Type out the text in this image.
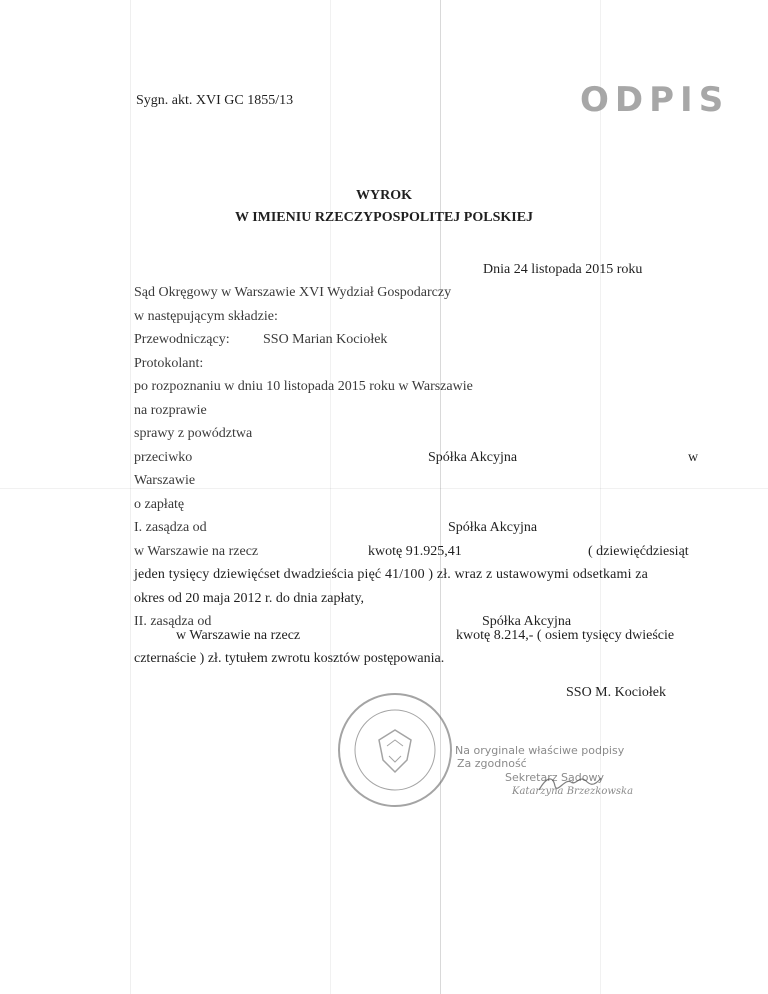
Sygn. akt. XVI GC 1855/13	ODPIS
WYROK
W IMIENIU RZECZYPOSPOLITEJ POLSKIEJ
Dnia 24 listopada 2015 roku
Sąd Okręgowy w Warszawie XVI Wydział Gospodarczy
w następującym składzie:
Przewodniczący: SSO Marian Kociołek
Protokolant:
po rozpoznaniu w dniu 10 listopada 2015 roku w Warszawie
na rozprawie
sprawy z powództwa
przeciwko	Spółka Akcyjna	w
Warszawie
o zapłatę
I. zasądza od	Spółka Akcyjna
w Warszawie na rzecz	kwotę 91.925,41	( dziewięćdziesiąt
jeden tysięcy dziewięćset dwadzieścia pięć 41/100 ) zł. wraz z ustawowymi odsetkami za
okres od 20 maja 2012 r. do dnia zapłaty,
II. zasądza od	Spółka Akcyjna
w Warszawie na rzecz	kwotę 8.214,- ( osiem tysięcy dwieście
czternaście ) zł. tytułem zwrotu kosztów postępowania.
SSO M. Kociołek
Na oryginale właściwe podpisy
Za zgodność
Sekretarz Sądowy
Katarzyna Brzezkowska
